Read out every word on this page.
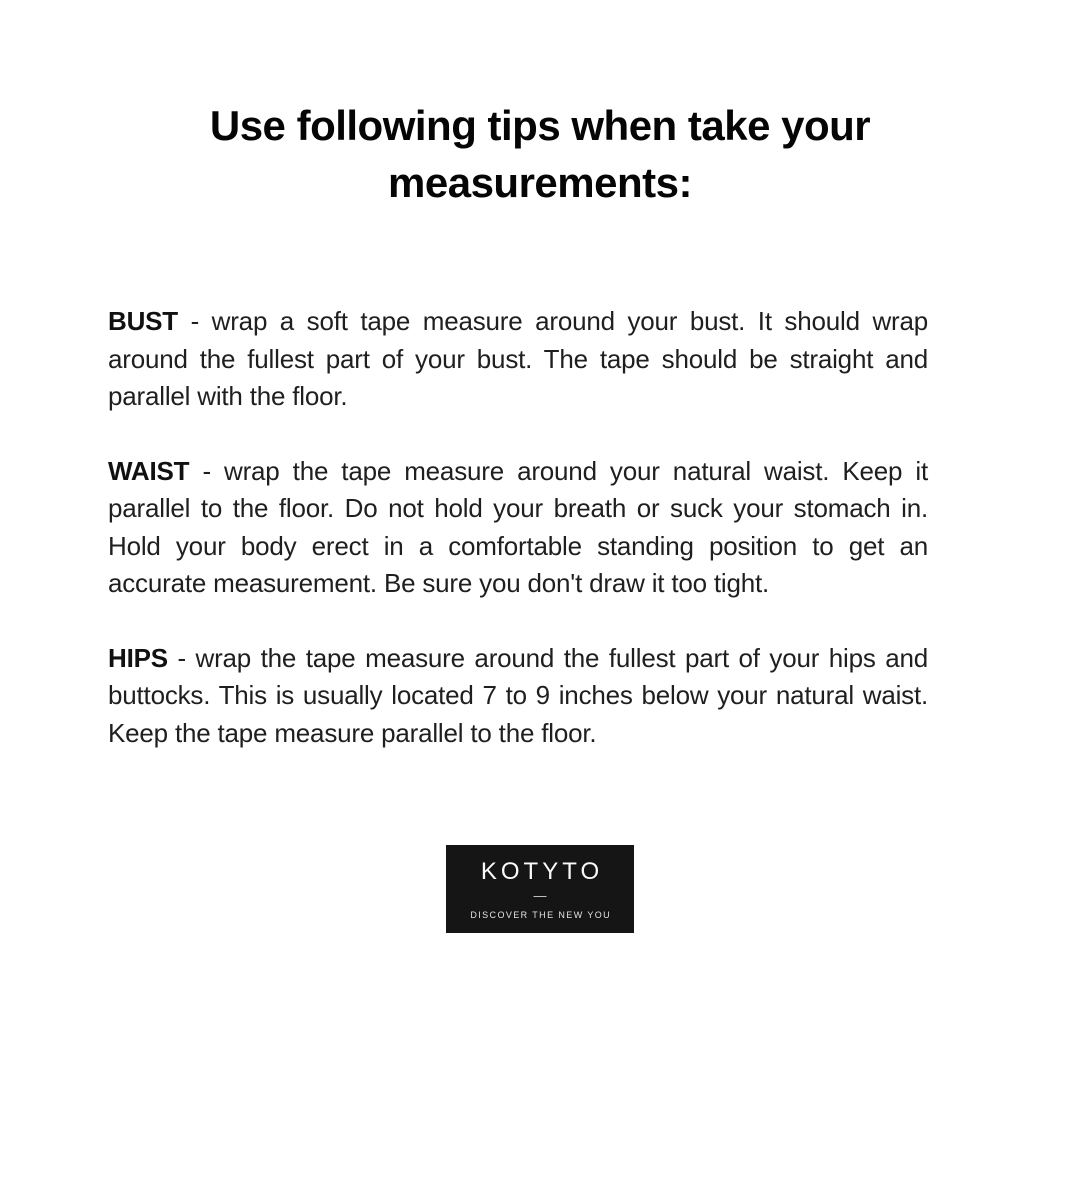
Use following tips when take your measurements:

BUST - wrap a soft tape measure around your bust. It should wrap around the fullest part of your bust. The tape should be straight and parallel with the floor.

WAIST - wrap the tape measure around your natural waist. Keep it parallel to the floor. Do not hold your breath or suck your stomach in. Hold your body erect in a comfortable standing position to get an accurate measurement. Be sure you don't draw it too tight.

HIPS - wrap the tape measure around the fullest part of your hips and buttocks. This is usually located 7 to 9 inches below your natural waist. Keep the tape measure parallel to the floor.

KOTYTO
—
DISCOVER THE NEW YOU
